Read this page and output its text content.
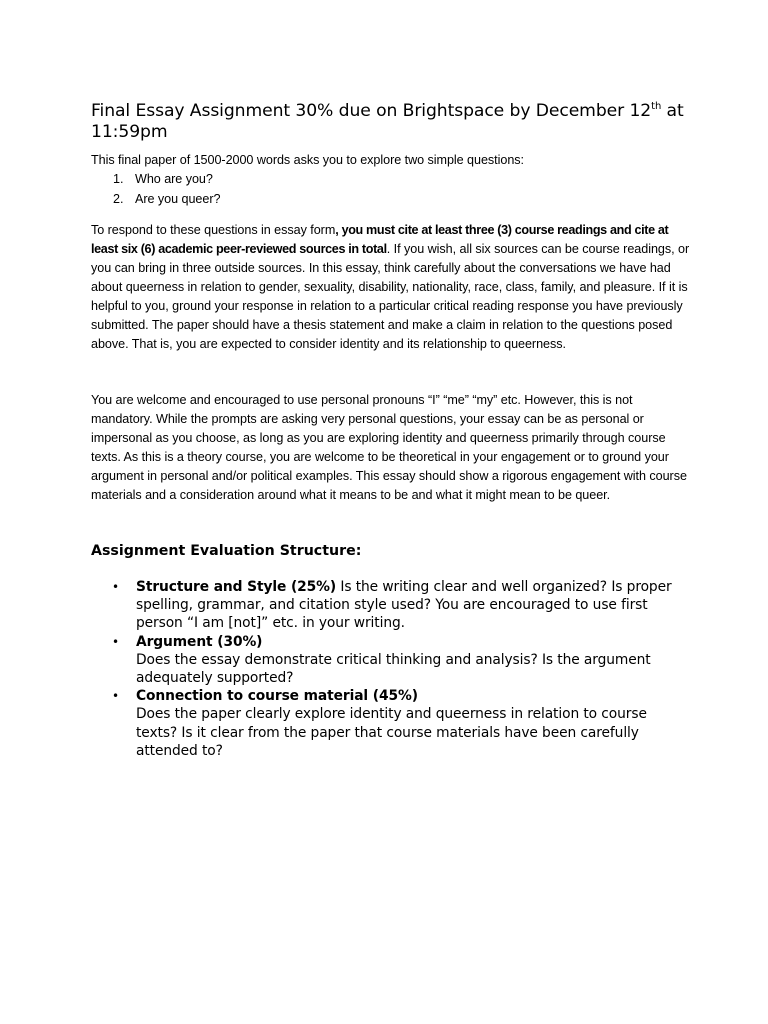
Final Essay Assignment 30% due on Brightspace by December 12th at 11:59pm
This final paper of 1500-2000 words asks you to explore two simple questions:
1. Who are you?
2. Are you queer?
To respond to these questions in essay form, you must cite at least three (3) course readings and cite at least six (6) academic peer-reviewed sources in total. If you wish, all six sources can be course readings, or you can bring in three outside sources. In this essay, think carefully about the conversations we have had about queerness in relation to gender, sexuality, disability, nationality, race, class, family, and pleasure. If it is helpful to you, ground your response in relation to a particular critical reading response you have previously submitted. The paper should have a thesis statement and make a claim in relation to the questions posed above. That is, you are expected to consider identity and its relationship to queerness.
You are welcome and encouraged to use personal pronouns “I” “me” “my” etc. However, this is not mandatory. While the prompts are asking very personal questions, your essay can be as personal or impersonal as you choose, as long as you are exploring identity and queerness primarily through course texts. As this is a theory course, you are welcome to be theoretical in your engagement or to ground your argument in personal and/or political examples. This essay should show a rigorous engagement with course materials and a consideration around what it means to be and what it might mean to be queer.
Assignment Evaluation Structure:
• Structure and Style (25%) Is the writing clear and well organized? Is proper spelling, grammar, and citation style used? You are encouraged to use first person “I am [not]” etc. in your writing.
• Argument (30%)
Does the essay demonstrate critical thinking and analysis? Is the argument adequately supported?
• Connection to course material (45%)
Does the paper clearly explore identity and queerness in relation to course texts? Is it clear from the paper that course materials have been carefully attended to?
